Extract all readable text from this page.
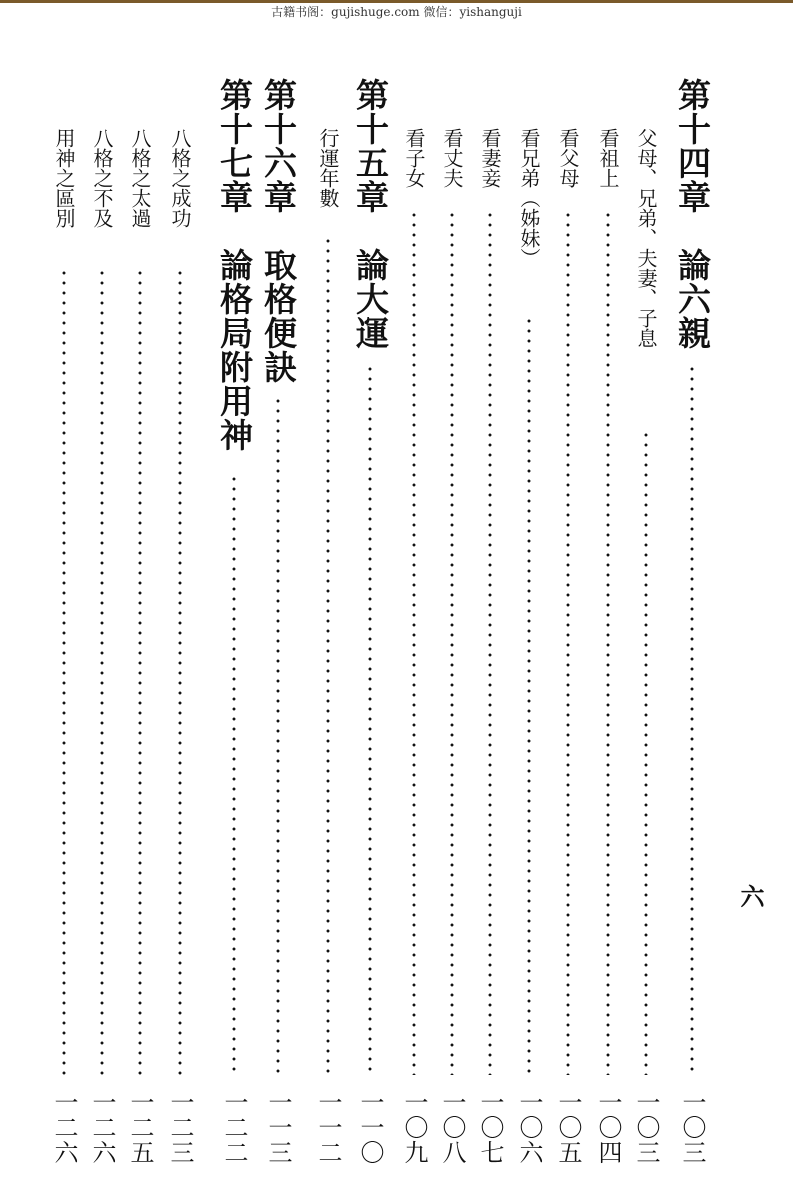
古籍书阁：gujishuge.com 微信：yishanguji
第十四章　論六親
一〇三
父母、兄弟、夫妻、子息
一〇三
看祖上
一〇四
看父母
一〇五
看兄弟（姊妹）
一〇六
看妻妾
一〇七
看丈夫
一〇八
看子女
一〇九
第十五章　論大運
一一〇
行運年數
一一二
第十六章　取格便訣
一一三
第十七章　論格局附用神
一二二
八格之成功
一二三
八格之太過
一二五
八格之不及
一二六
用神之區別
一二六
六
